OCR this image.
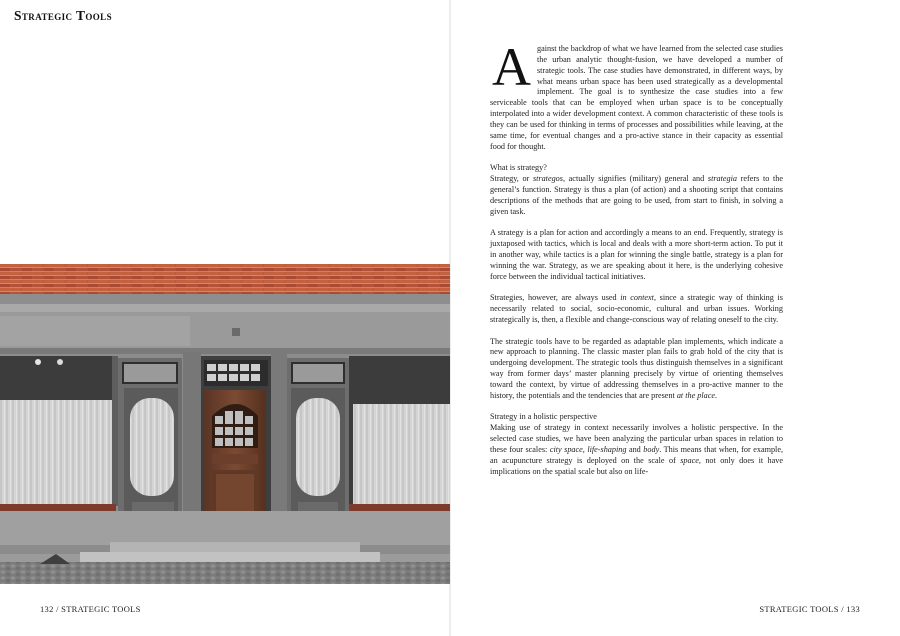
Strategic Tools

Against the backdrop of what we have learned from the selected case studies the urban analytic thought-fusion, we have developed a number of strategic tools. The case studies have demonstrated, in different ways, by what means urban space has been used strategically as a developmental implement. The goal is to synthesize the case studies into a few serviceable tools that can be employed when urban space is to be conceptually interpolated into a wider development context. A common characteristic of these tools is they can be used for thinking in terms of processes and possibilities while leaving, at the same time, for eventual changes and a pro-active stance in their capacity as essential food for thought.

What is strategy?
Strategy, or strategos, actually signifies (military) general and strategia refers to the general’s function. Strategy is thus a plan (of action) and a shooting script that contains descriptions of the methods that are going to be used, from start to finish, in solving a given task.

A strategy is a plan for action and accordingly a means to an end. Frequently, strategy is juxtaposed with tactics, which is local and deals with a more short-term action. To put it in another way, while tactics is a plan for winning the single battle, strategy is a plan for winning the war. Strategy, as we are speaking about it here, is the underlying cohesive force between the individual tactical initiatives.

Strategies, however, are always used in context, since a strategic way of thinking is necessarily related to social, socio-economic, cultural and urban issues. Working strategically is, then, a flexible and change-conscious way of relating oneself to the city.

The strategic tools have to be regarded as adaptable plan implements, which indicate a new approach to planning. The classic master plan fails to grab hold of the city that is undergoing development. The strategic tools thus distinguish themselves in a significant way from former days’ master planning precisely by virtue of orienting themselves toward the context, by virtue of addressing themselves in a pro-active manner to the history, the potentials and the tendencies that are present at the place.

Strategy in a holistic perspective
Making use of strategy in context necessarily involves a holistic perspective. In the selected case studies, we have been analyzing the particular urban spaces in relation to these four scales: city space, life-shaping and body. This means that when, for example, an acupuncture strategy is deployed on the scale of space, not only does it have implications on the spatial scale but also on life-

132 / STRATEGIC TOOLS	STRATEGIC TOOLS / 133
